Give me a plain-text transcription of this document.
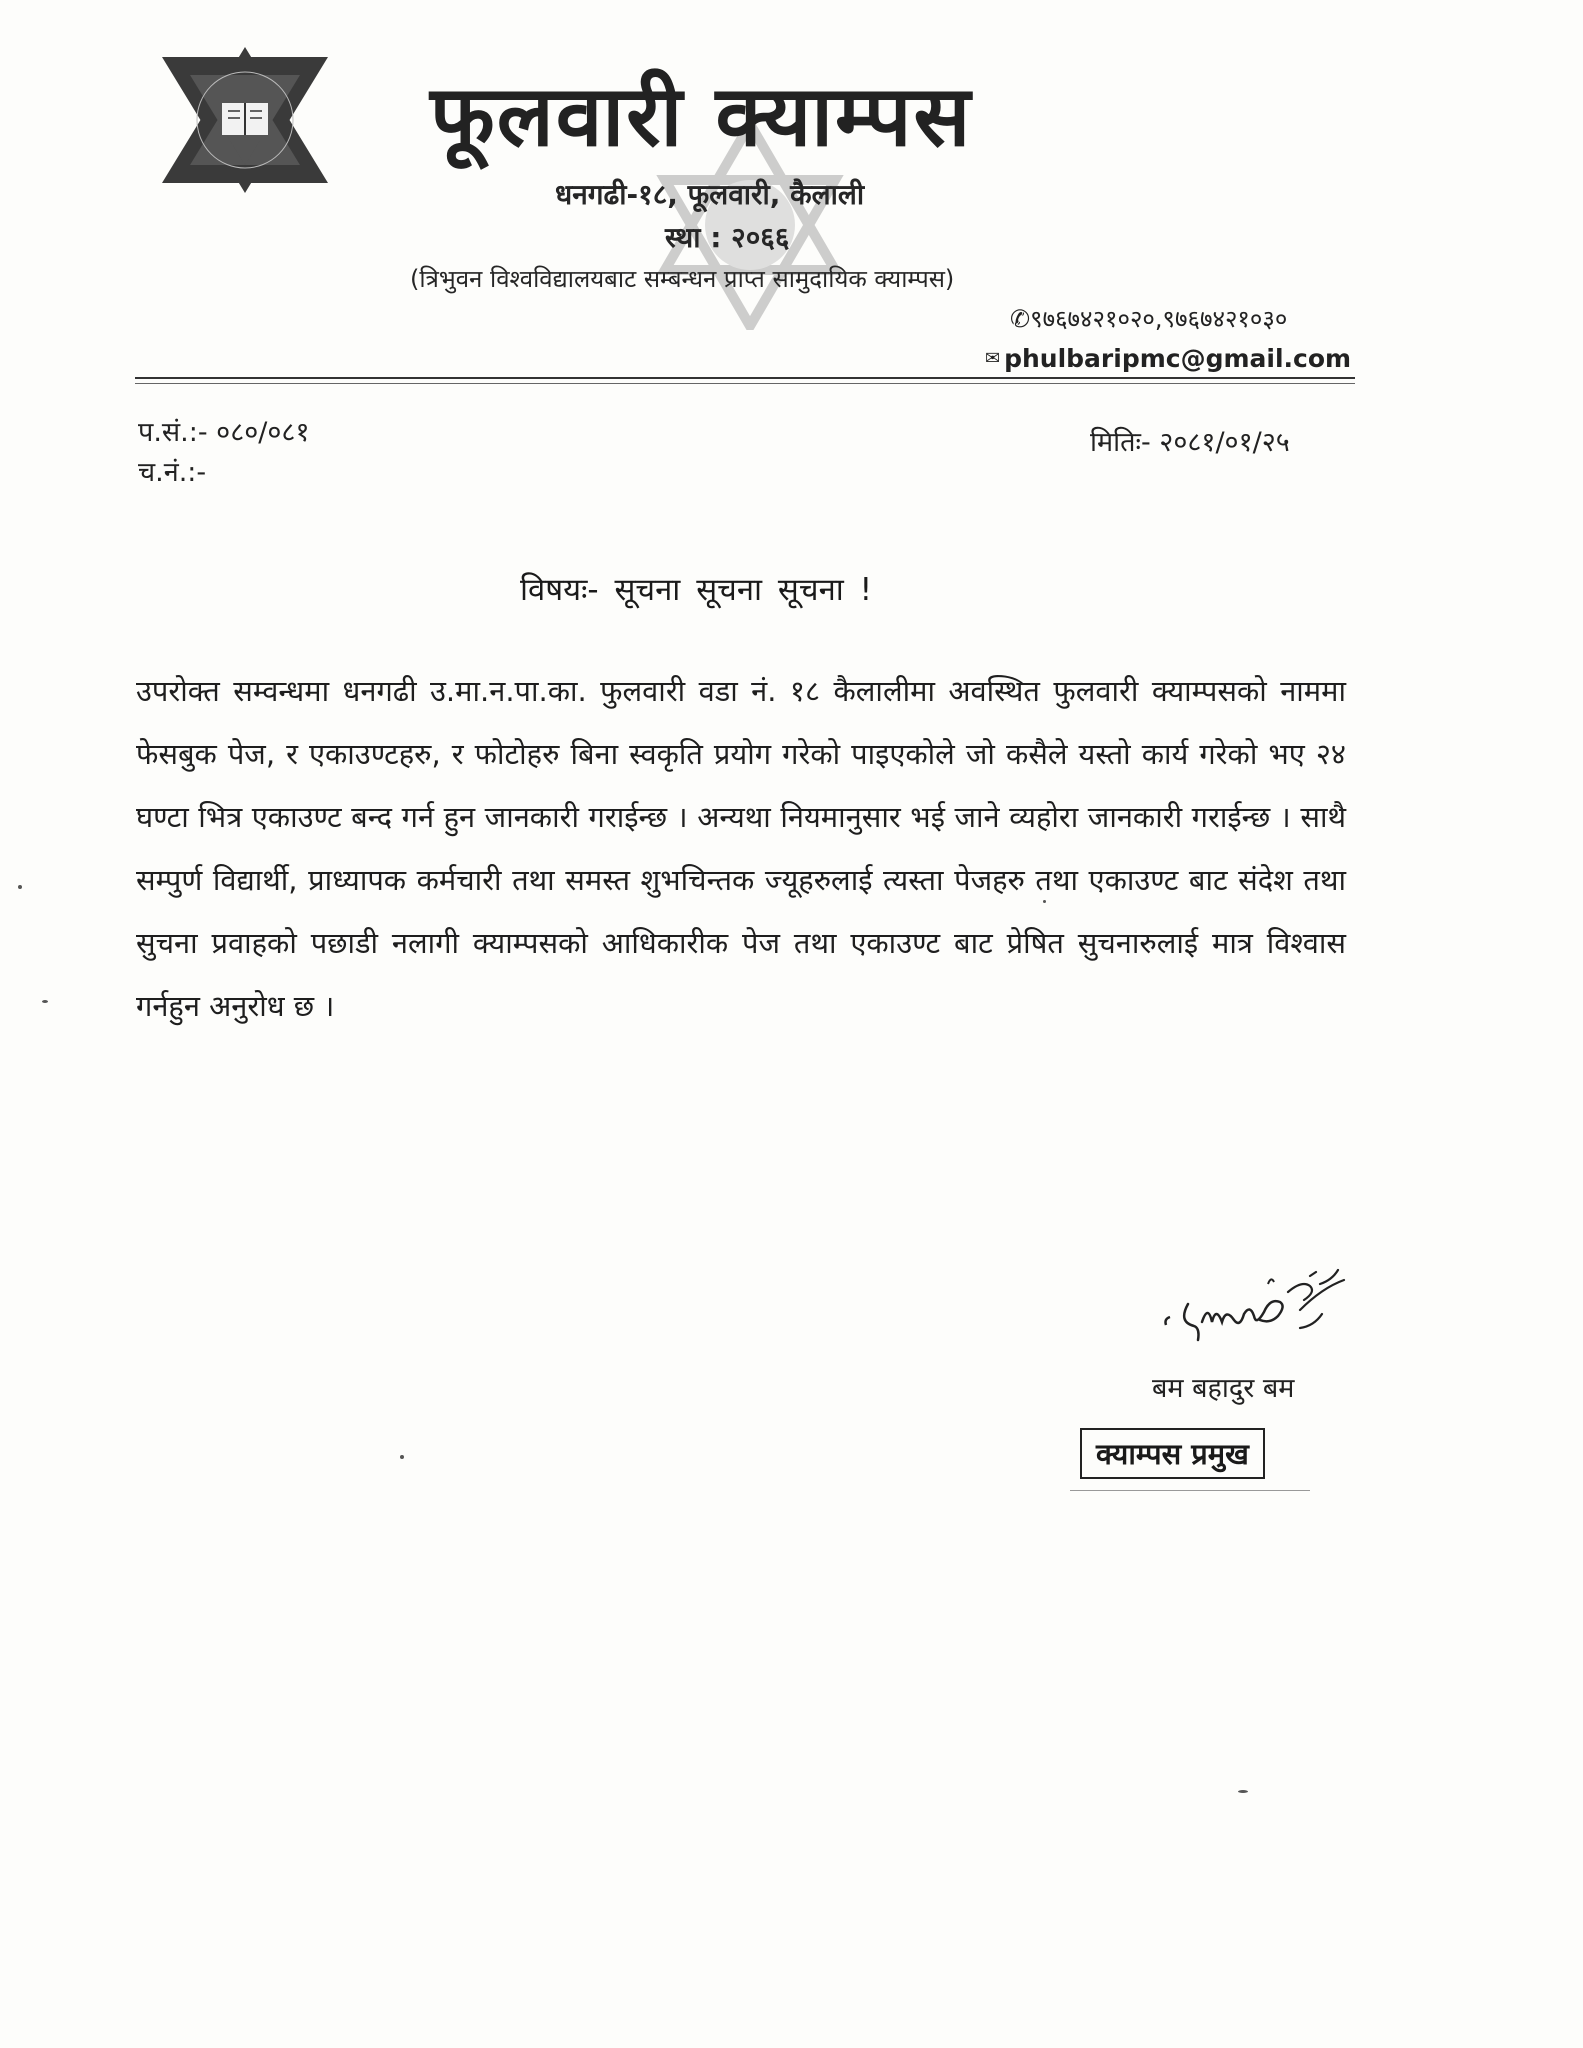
फूलवारी क्याम्पस
धनगढी-१८, फूलवारी, कैलाली
स्था : २०६६
(त्रिभुवन विश्वविद्यालयबाट सम्बन्धन प्राप्त सामुदायिक क्याम्पस)
✆९७६७४२१०२०,९७६७४२१०३०
✉ phulbaripmc@gmail.com
प.सं.:- ०८०/०८१
च.नं.:-
मितिः- २०८१/०१/२५
विषयः- सूचना सूचना सूचना !
उपरोक्त सम्वन्धमा धनगढी उ.मा.न.पा.का. फुलवारी वडा नं. १८ कैलालीमा अवस्थित फुलवारी क्याम्पसको नाममा फेसबुक पेज, र एकाउण्टहरु, र फोटोहरु बिना स्वकृति प्रयोग गरेको पाइएकोले जो कसैले यस्तो कार्य गरेको भए २४ घण्टा भित्र एकाउण्ट बन्द गर्न हुन जानकारी गराईन्छ । अन्यथा नियमानुसार भई जाने व्यहोरा जानकारी गराईन्छ । साथै सम्पुर्ण विद्यार्थी, प्राध्यापक कर्मचारी तथा समस्त शुभचिन्तक ज्यूहरुलाई त्यस्ता पेजहरु तथा एकाउण्ट बाट संदेश तथा सुचना प्रवाहको पछाडी नलागी क्याम्पसको आधिकारीक पेज तथा एकाउण्ट बाट प्रेषित सुचनारुलाई मात्र विश्वास गर्नहुन अनुरोध छ ।
बम बहादुर बम
क्याम्पस प्रमुख
